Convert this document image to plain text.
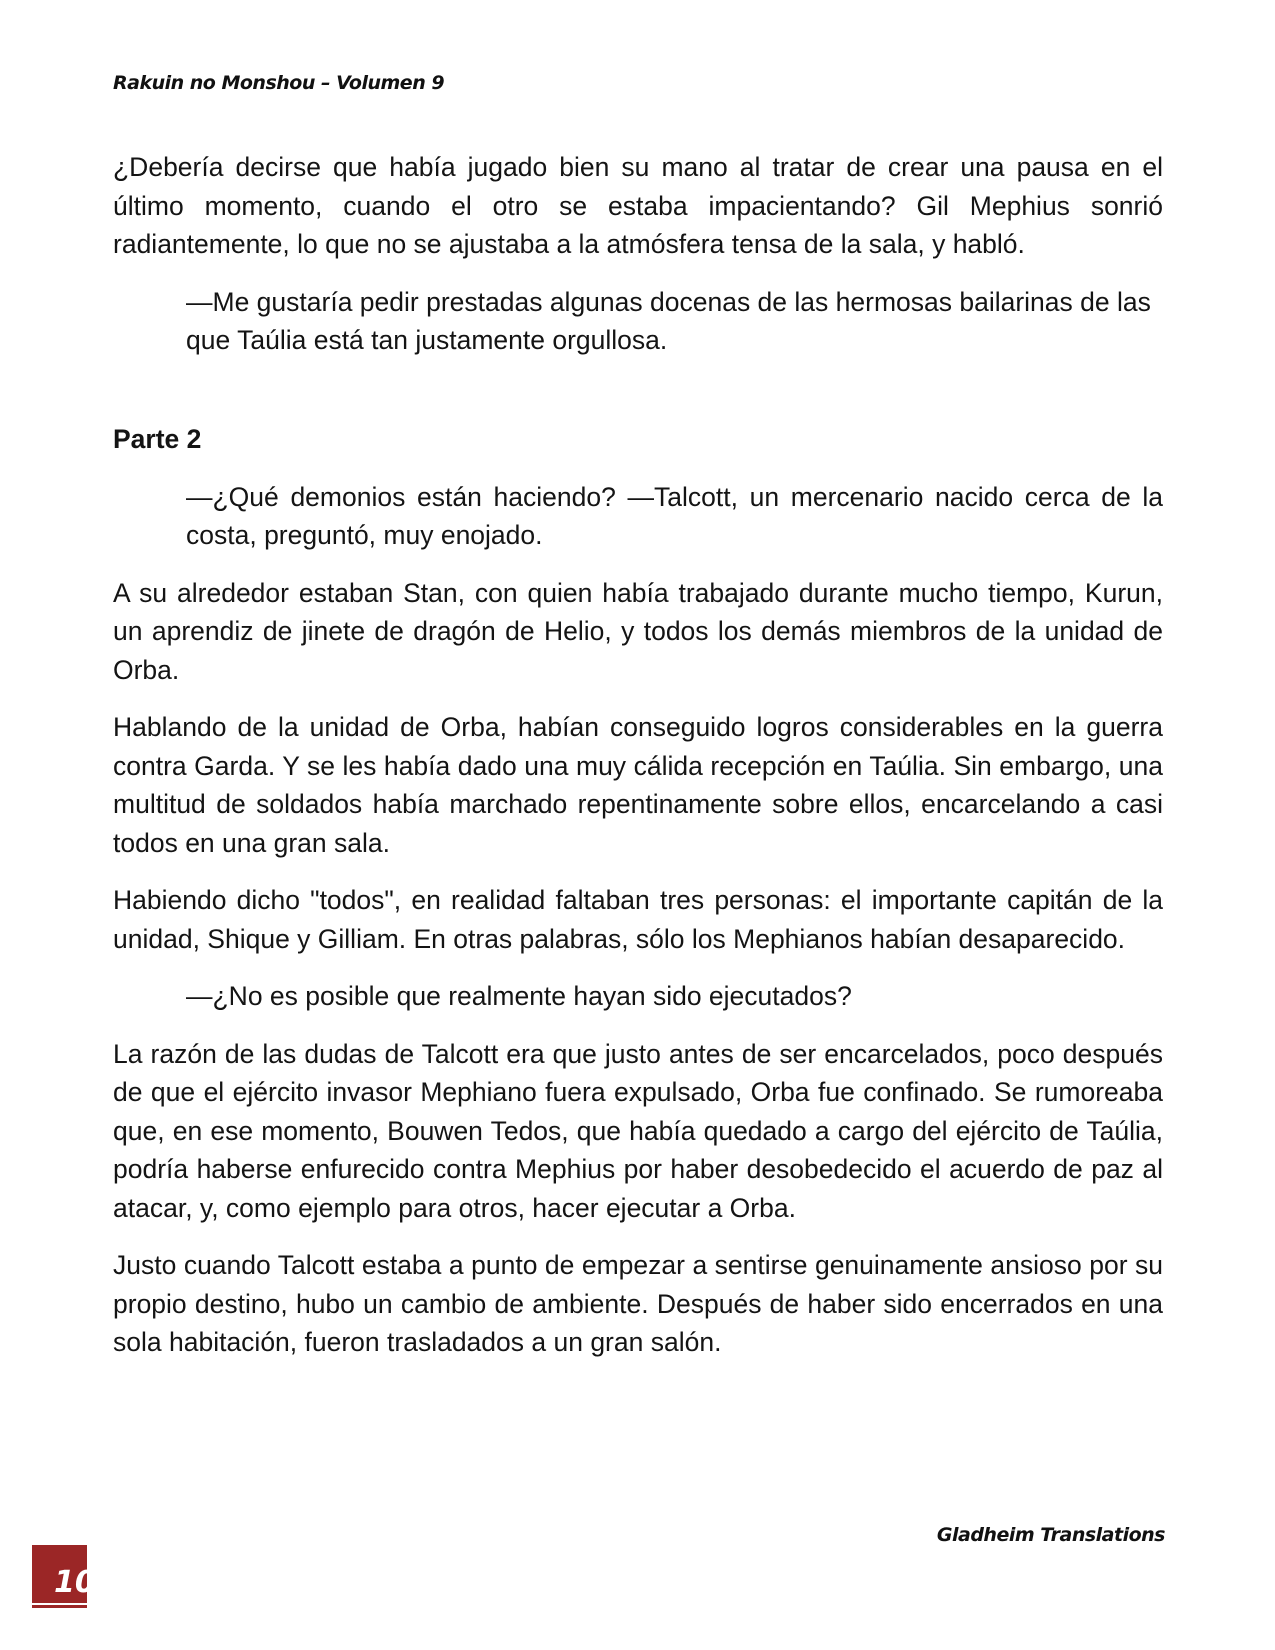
Rakuin no Monshou – Volumen 9

¿Debería decirse que había jugado bien su mano al tratar de crear una pausa en el último momento, cuando el otro se estaba impacientando? Gil Mephius sonrió radiantemente, lo que no se ajustaba a la atmósfera tensa de la sala, y habló.

—Me gustaría pedir prestadas algunas docenas de las hermosas bailarinas de las que Taúlia está tan justamente orgullosa.

Parte 2

—¿Qué demonios están haciendo? —Talcott, un mercenario nacido cerca de la costa, preguntó, muy enojado.

A su alrededor estaban Stan, con quien había trabajado durante mucho tiempo, Kurun, un aprendiz de jinete de dragón de Helio, y todos los demás miembros de la unidad de Orba.

Hablando de la unidad de Orba, habían conseguido logros considerables en la guerra contra Garda. Y se les había dado una muy cálida recepción en Taúlia. Sin embargo, una multitud de soldados había marchado repentinamente sobre ellos, encarcelando a casi todos en una gran sala.

Habiendo dicho "todos", en realidad faltaban tres personas: el importante capitán de la unidad, Shique y Gilliam. En otras palabras, sólo los Mephianos habían desaparecido.

—¿No es posible que realmente hayan sido ejecutados?

La razón de las dudas de Talcott era que justo antes de ser encarcelados, poco después de que el ejército invasor Mephiano fuera expulsado, Orba fue confinado. Se rumoreaba que, en ese momento, Bouwen Tedos, que había quedado a cargo del ejército de Taúlia, podría haberse enfurecido contra Mephius por haber desobedecido el acuerdo de paz al atacar, y, como ejemplo para otros, hacer ejecutar a Orba.

Justo cuando Talcott estaba a punto de empezar a sentirse genuinamente ansioso por su propio destino, hubo un cambio de ambiente. Después de haber sido encerrados en una sola habitación, fueron trasladados a un gran salón.

Gladheim Translations
10
